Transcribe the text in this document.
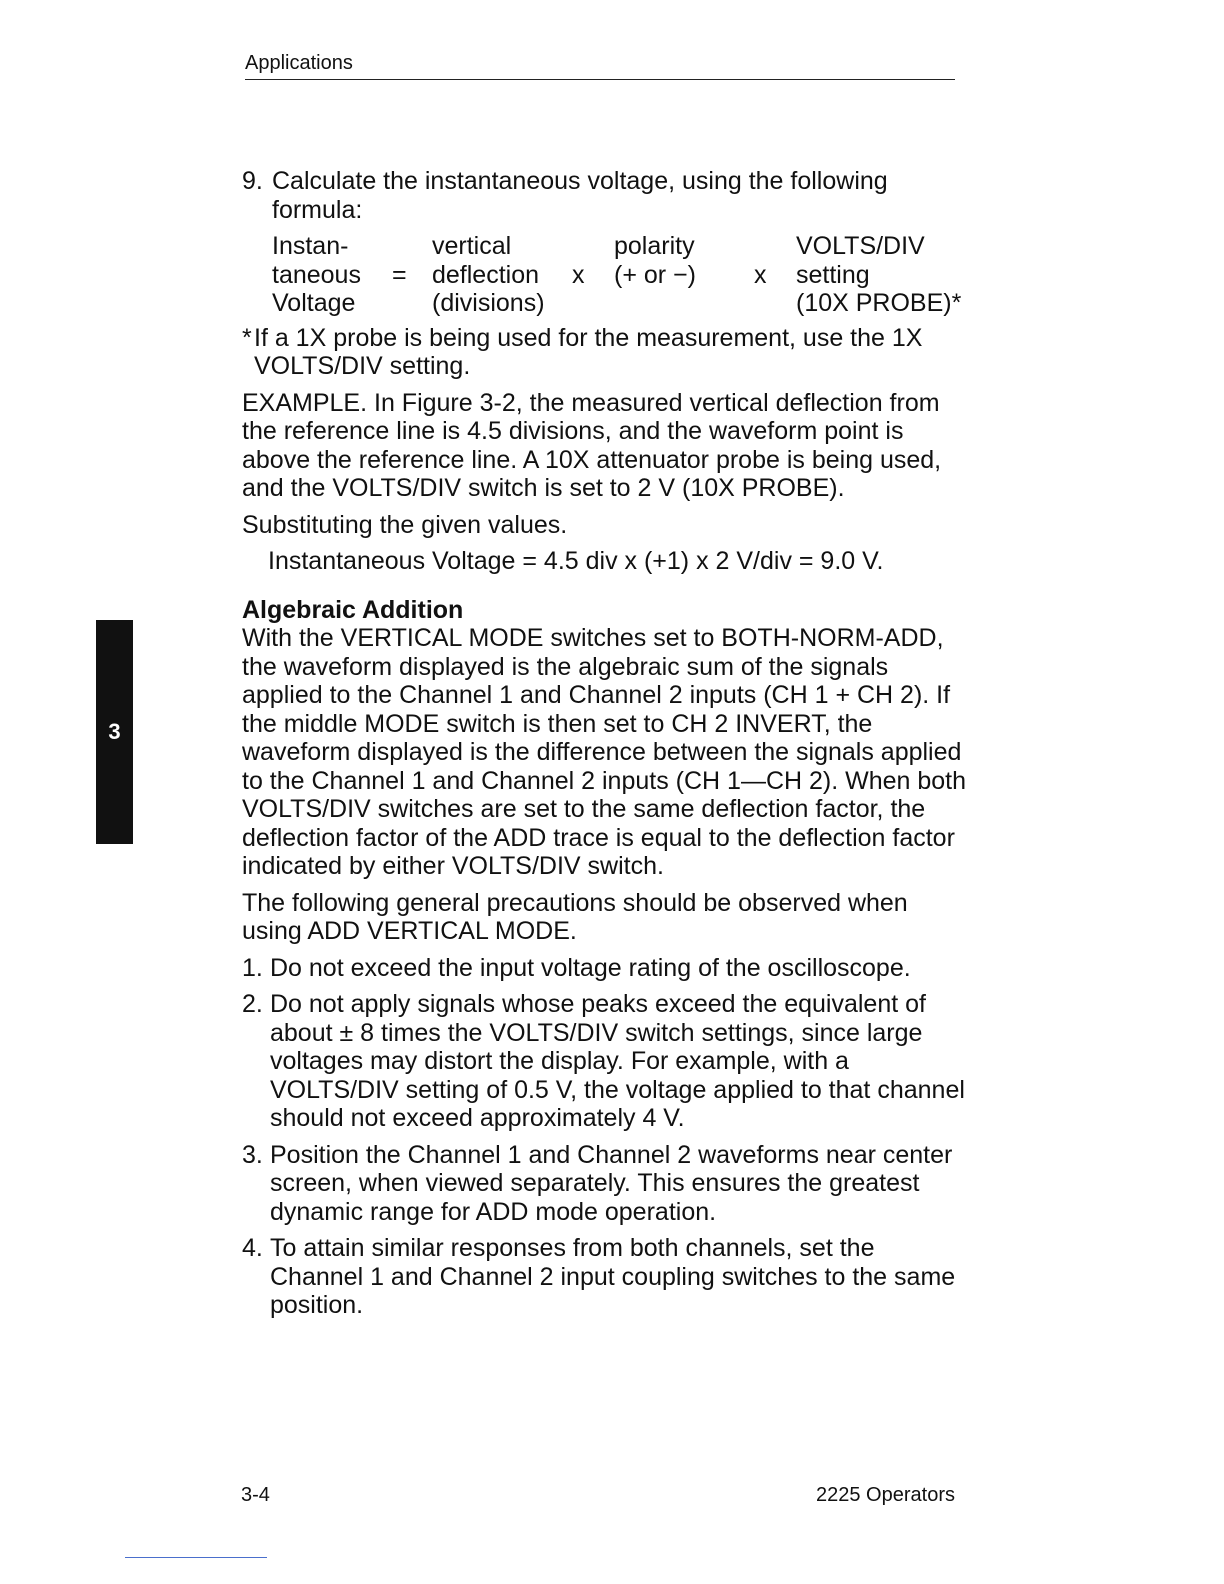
Applications
3
9. Calculate the instantaneous voltage, using the following formula:
Instan-		vertical		polarity		VOLTS/DIV
taneous	=	deflection	x	(+ or −)	x	setting
Voltage		(divisions)				(10X PROBE)*
* If a 1X probe is being used for the measurement, use the 1X VOLTS/DIV setting.

EXAMPLE. In Figure 3-2, the measured vertical deflection from the reference line is 4.5 divisions, and the waveform point is above the reference line. A 10X attenuator probe is being used, and the VOLTS/DIV switch is set to 2 V (10X PROBE).

Substituting the given values.

Instantaneous Voltage = 4.5 div x (+1) x 2 V/div = 9.0 V.

Algebraic Addition

With the VERTICAL MODE switches set to BOTH-NORM-ADD, the waveform displayed is the algebraic sum of the signals applied to the Channel 1 and Channel 2 inputs (CH 1 + CH 2). If the middle MODE switch is then set to CH 2 INVERT, the waveform displayed is the difference between the signals applied to the Channel 1 and Channel 2 inputs (CH 1—CH 2). When both VOLTS/DIV switches are set to the same deflection factor, the deflection factor of the ADD trace is equal to the deflection factor indicated by either VOLTS/DIV switch.

The following general precautions should be observed when using ADD VERTICAL MODE.

1. Do not exceed the input voltage rating of the oscilloscope.
2. Do not apply signals whose peaks exceed the equivalent of about ± 8 times the VOLTS/DIV switch settings, since large voltages may distort the display. For example, with a VOLTS/DIV setting of 0.5 V, the voltage applied to that channel should not exceed approximately 4 V.
3. Position the Channel 1 and Channel 2 waveforms near center screen, when viewed separately. This ensures the greatest dynamic range for ADD mode operation.
4. To attain similar responses from both channels, set the Channel 1 and Channel 2 input coupling switches to the same position.
3-4	2225 Operators
